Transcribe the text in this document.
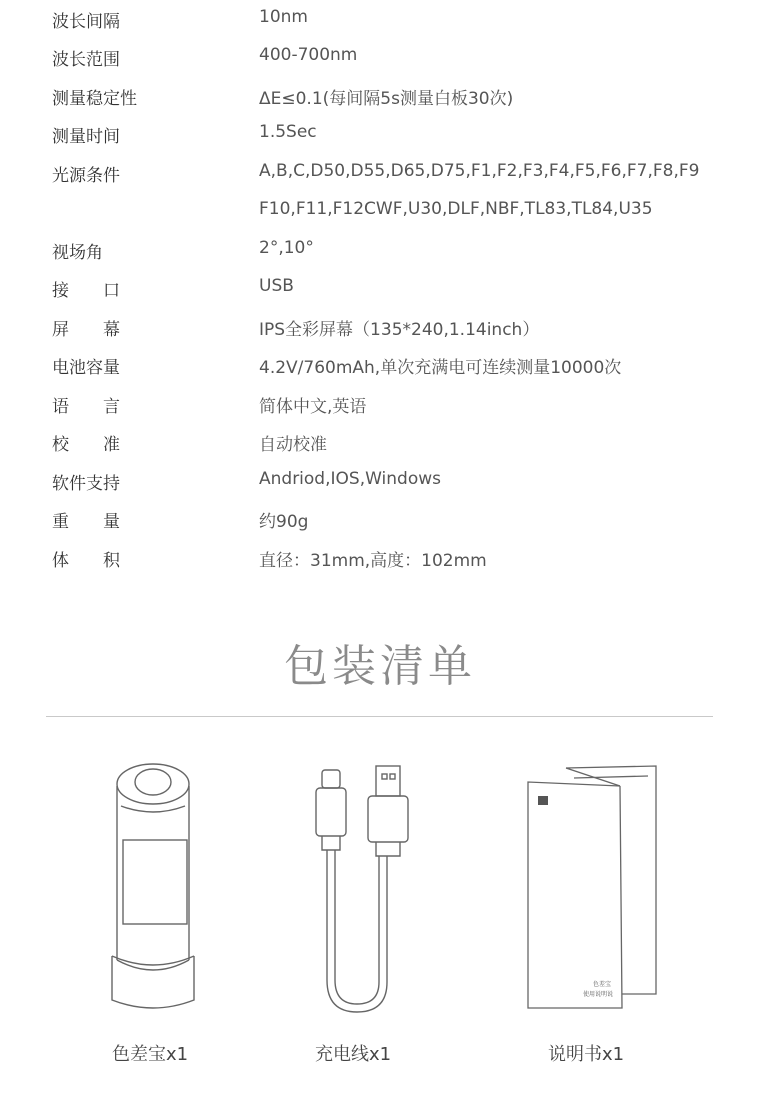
波长间隔	10nm
波长范围	400-700nm
测量稳定性	ΔE≤0.1(每间隔5s测量白板30次)
测量时间	1.5Sec
光源条件	A,B,C,D50,D55,D65,D75,F1,F2,F3,F4,F5,F6,F7,F8,F9
F10,F11,F12CWF,U30,DLF,NBF,TL83,TL84,U35
视场角	2°,10°
接　　口	USB
屏　　幕	IPS全彩屏幕（135*240,1.14inch）
电池容量	4.2V/760mAh,单次充满电可连续测量10000次
语　　言	简体中文,英语
校　　准	自动校准
软件支持	Andriod,IOS,Windows
重　　量	约90g
体　　积	直径：31mm,高度：102mm
包装清单
色差宝
使用说明说
色差宝x1	充电线x1	说明书x1
